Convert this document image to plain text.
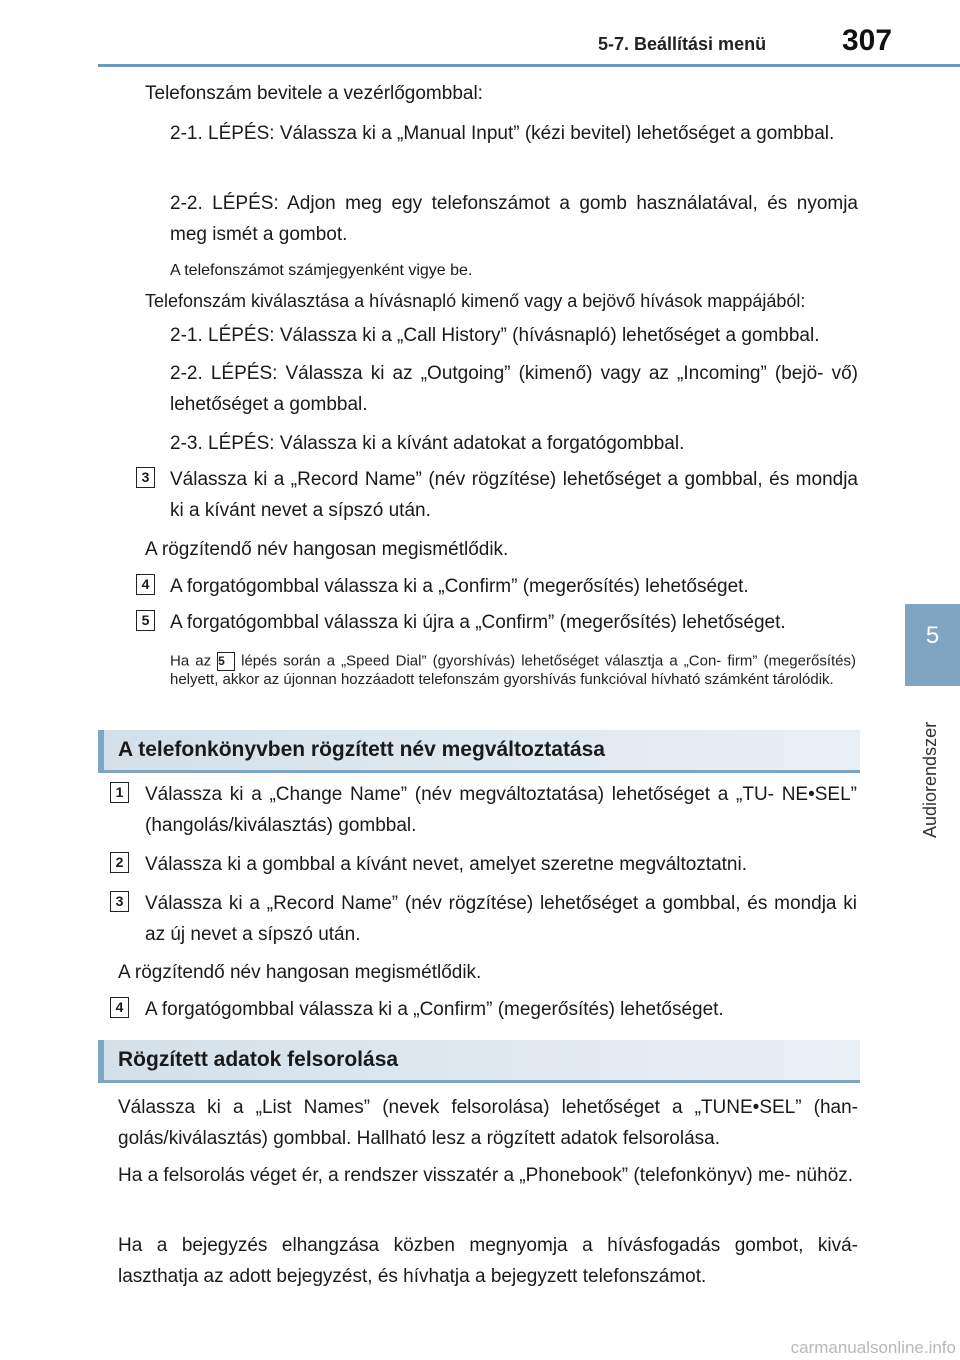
5-7. Beállítási menü	307
5
Audiorendszer
Telefonszám bevitele a vezérlőgombbal:
2-1. LÉPÉS: Válassza ki a „Manual Input” (kézi bevitel) lehetőséget a gombbal.
2-2. LÉPÉS: Adjon meg egy telefonszámot a gomb használatával, és nyomja meg ismét a gombot.
A telefonszámot számjegyenként vigye be.
Telefonszám kiválasztása a hívásnapló kimenő vagy a bejövő hívások mappájából:
2-1. LÉPÉS: Válassza ki a „Call History” (hívásnapló) lehetőséget a gombbal.
2-2. LÉPÉS: Válassza ki az „Outgoing” (kimenő) vagy az „Incoming” (bejö- vő) lehetőséget a gombbal.
2-3. LÉPÉS: Válassza ki a kívánt adatokat a forgatógombbal.
3 Válassza ki a „Record Name” (név rögzítése) lehetőséget a gombbal, és mondja ki a kívánt nevet a sípszó után.
A rögzítendő név hangosan megismétlődik.
4 A forgatógombbal válassza ki a „Confirm” (megerősítés) lehetőséget.
5 A forgatógombbal válassza ki újra a „Confirm” (megerősítés) lehetőséget.
Ha az 5 lépés során a „Speed Dial” (gyorshívás) lehetőséget választja a „Con- firm” (megerősítés) helyett, akkor az újonnan hozzáadott telefonszám gyorshívás funkcióval hívható számként tárolódik.
A telefonkönyvben rögzített név megváltoztatása
1 Válassza ki a „Change Name” (név megváltoztatása) lehetőséget a „TU- NE•SEL” (hangolás/kiválasztás) gombbal.
2 Válassza ki a gombbal a kívánt nevet, amelyet szeretne megváltoztatni.
3 Válassza ki a „Record Name” (név rögzítése) lehetőséget a gombbal, és mondja ki az új nevet a sípszó után.
A rögzítendő név hangosan megismétlődik.
4 A forgatógombbal válassza ki a „Confirm” (megerősítés) lehetőséget.
Rögzített adatok felsorolása
Válassza ki a „List Names” (nevek felsorolása) lehetőséget a „TUNE•SEL” (han- golás/kiválasztás) gombbal. Hallható lesz a rögzített adatok felsorolása.
Ha a felsorolás véget ér, a rendszer visszatér a „Phonebook” (telefonkönyv) me- nühöz.
Ha a bejegyzés elhangzása közben megnyomja a hívásfogadás gombot, kivá- laszthatja az adott bejegyzést, és hívhatja a bejegyzett telefonszámot.
carmanualsonline.info
